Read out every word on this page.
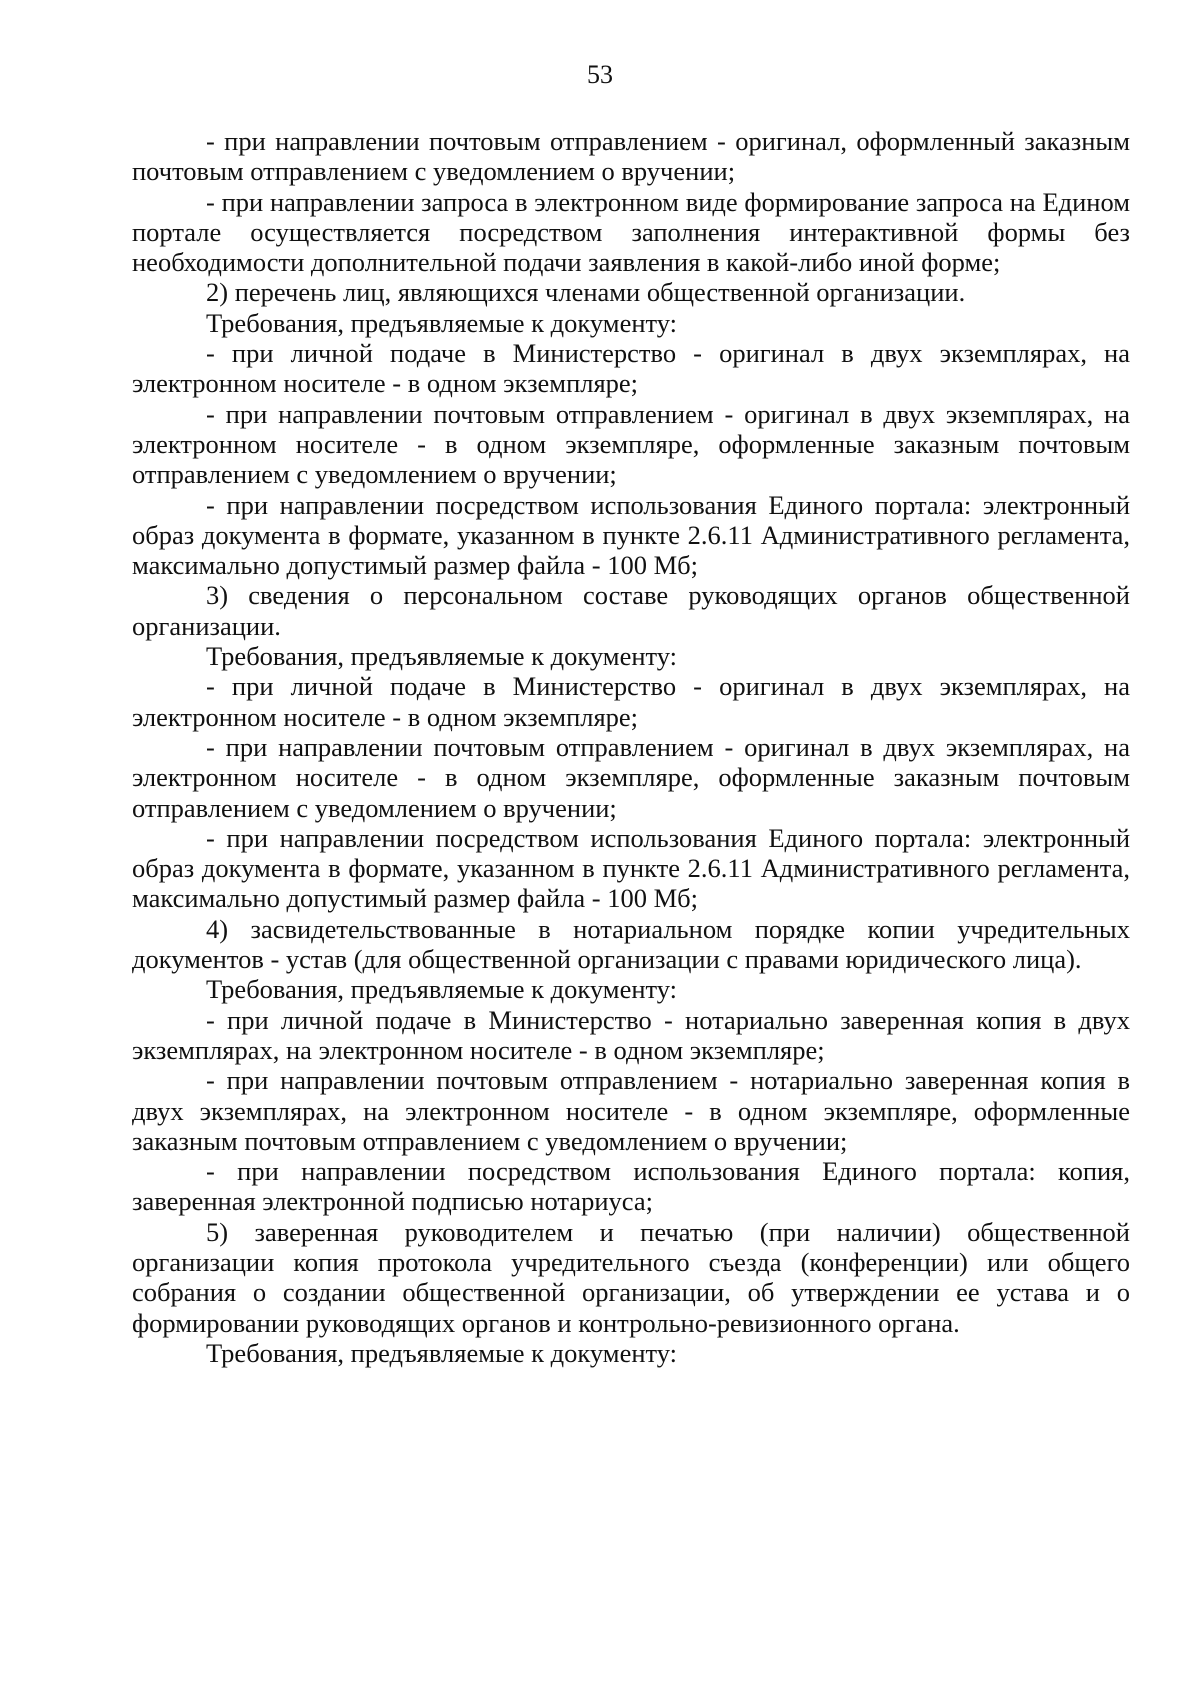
53

- при направлении почтовым отправлением - оригинал, оформленный заказным почтовым отправлением с уведомлением о вручении;

- при направлении запроса в электронном виде формирование запроса на Едином портале осуществляется посредством заполнения интерактивной формы без необходимости дополнительной подачи заявления в какой-либо иной форме;

2) перечень лиц, являющихся членами общественной организации.

Требования, предъявляемые к документу:

- при личной подаче в Министерство - оригинал в двух экземплярах, на электронном носителе - в одном экземпляре;

- при направлении почтовым отправлением - оригинал в двух экземплярах, на электронном носителе - в одном экземпляре, оформленные заказным почтовым отправлением с уведомлением о вручении;

- при направлении посредством использования Единого портала: электронный образ документа в формате, указанном в пункте 2.6.11 Административного регламента, максимально допустимый размер файла - 100 Мб;

3) сведения о персональном составе руководящих органов общественной организации.

Требования, предъявляемые к документу:

- при личной подаче в Министерство - оригинал в двух экземплярах, на электронном носителе - в одном экземпляре;

- при направлении почтовым отправлением - оригинал в двух экземплярах, на электронном носителе - в одном экземпляре, оформленные заказным почтовым отправлением с уведомлением о вручении;

- при направлении посредством использования Единого портала: электронный образ документа в формате, указанном в пункте 2.6.11 Административного регламента, максимально допустимый размер файла - 100 Мб;

4) засвидетельствованные в нотариальном порядке копии учредительных документов - устав (для общественной организации с правами юридического лица).

Требования, предъявляемые к документу:

- при личной подаче в Министерство - нотариально заверенная копия в двух экземплярах, на электронном носителе - в одном экземпляре;

- при направлении почтовым отправлением - нотариально заверенная копия в двух экземплярах, на электронном носителе - в одном экземпляре, оформленные заказным почтовым отправлением с уведомлением о вручении;

- при направлении посредством использования Единого портала: копия, заверенная электронной подписью нотариуса;

5) заверенная руководителем и печатью (при наличии) общественной организации копия протокола учредительного съезда (конференции) или общего собрания о создании общественной организации, об утверждении ее устава и о формировании руководящих органов и контрольно-ревизионного органа.

Требования, предъявляемые к документу:
